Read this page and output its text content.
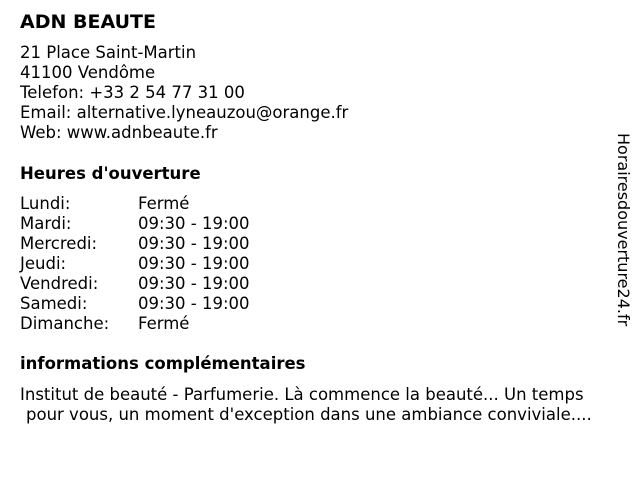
ADN BEAUTE
21 Place Saint-Martin
41100 Vendôme
Telefon: +33 2 54 77 31 00
Email: alternative.lyneauzou@orange.fr
Web: www.adnbeaute.fr
Heures d'ouverture
Lundi:	Fermé
Mardi:	09:30 - 19:00
Mercredi: 09:30 - 19:00
Jeudi:	09:30 - 19:00
Vendredi: 09:30 - 19:00
Samedi:	09:30 - 19:00
Dimanche: Fermé
informations complémentaires
Institut de beauté - Parfumerie. Là commence la beauté... Un temps
pour vous, un moment d'exception dans une ambiance conviviale....
Horairesdouverture24.fr
